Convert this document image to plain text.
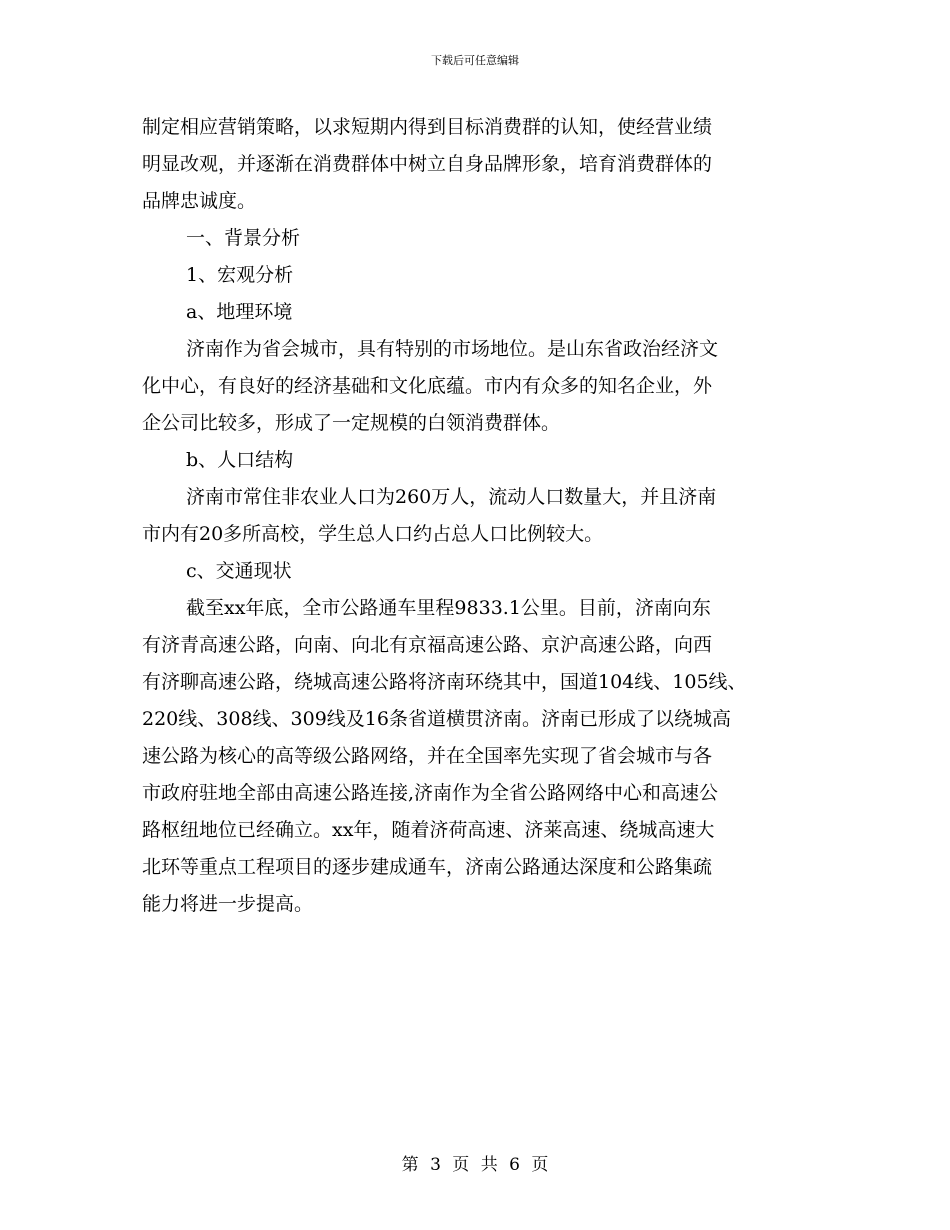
下载后可任意编辑
制定相应营销策略，以求短期内得到目标消费群的认知，使经营业绩
明显改观，并逐渐在消费群体中树立自身品牌形象，培育消费群体的
品牌忠诚度。
一、背景分析
1、宏观分析
a、地理环境
济南作为省会城市，具有特别的市场地位。是山东省政治经济文
化中心，有良好的经济基础和文化底蕴。市内有众多的知名企业，外
企公司比较多，形成了一定规模的白领消费群体。
b、人口结构
济南市常住非农业人口为260万人，流动人口数量大，并且济南
市内有20多所高校，学生总人口约占总人口比例较大。
c、交通现状
截至xx年底，全市公路通车里程9833.1公里。目前，济南向东
有济青高速公路，向南、向北有京福高速公路、京沪高速公路，向西
有济聊高速公路，绕城高速公路将济南环绕其中，国道104线、105线、
220线、308线、309线及16条省道横贯济南。济南已形成了以绕城高
速公路为核心的高等级公路网络，并在全国率先实现了省会城市与各
市政府驻地全部由高速公路连接,济南作为全省公路网络中心和高速公
路枢纽地位已经确立。xx年，随着济荷高速、济莱高速、绕城高速大
北环等重点工程项目的逐步建成通车，济南公路通达深度和公路集疏
能力将进一步提高。
第 3 页 共 6 页
